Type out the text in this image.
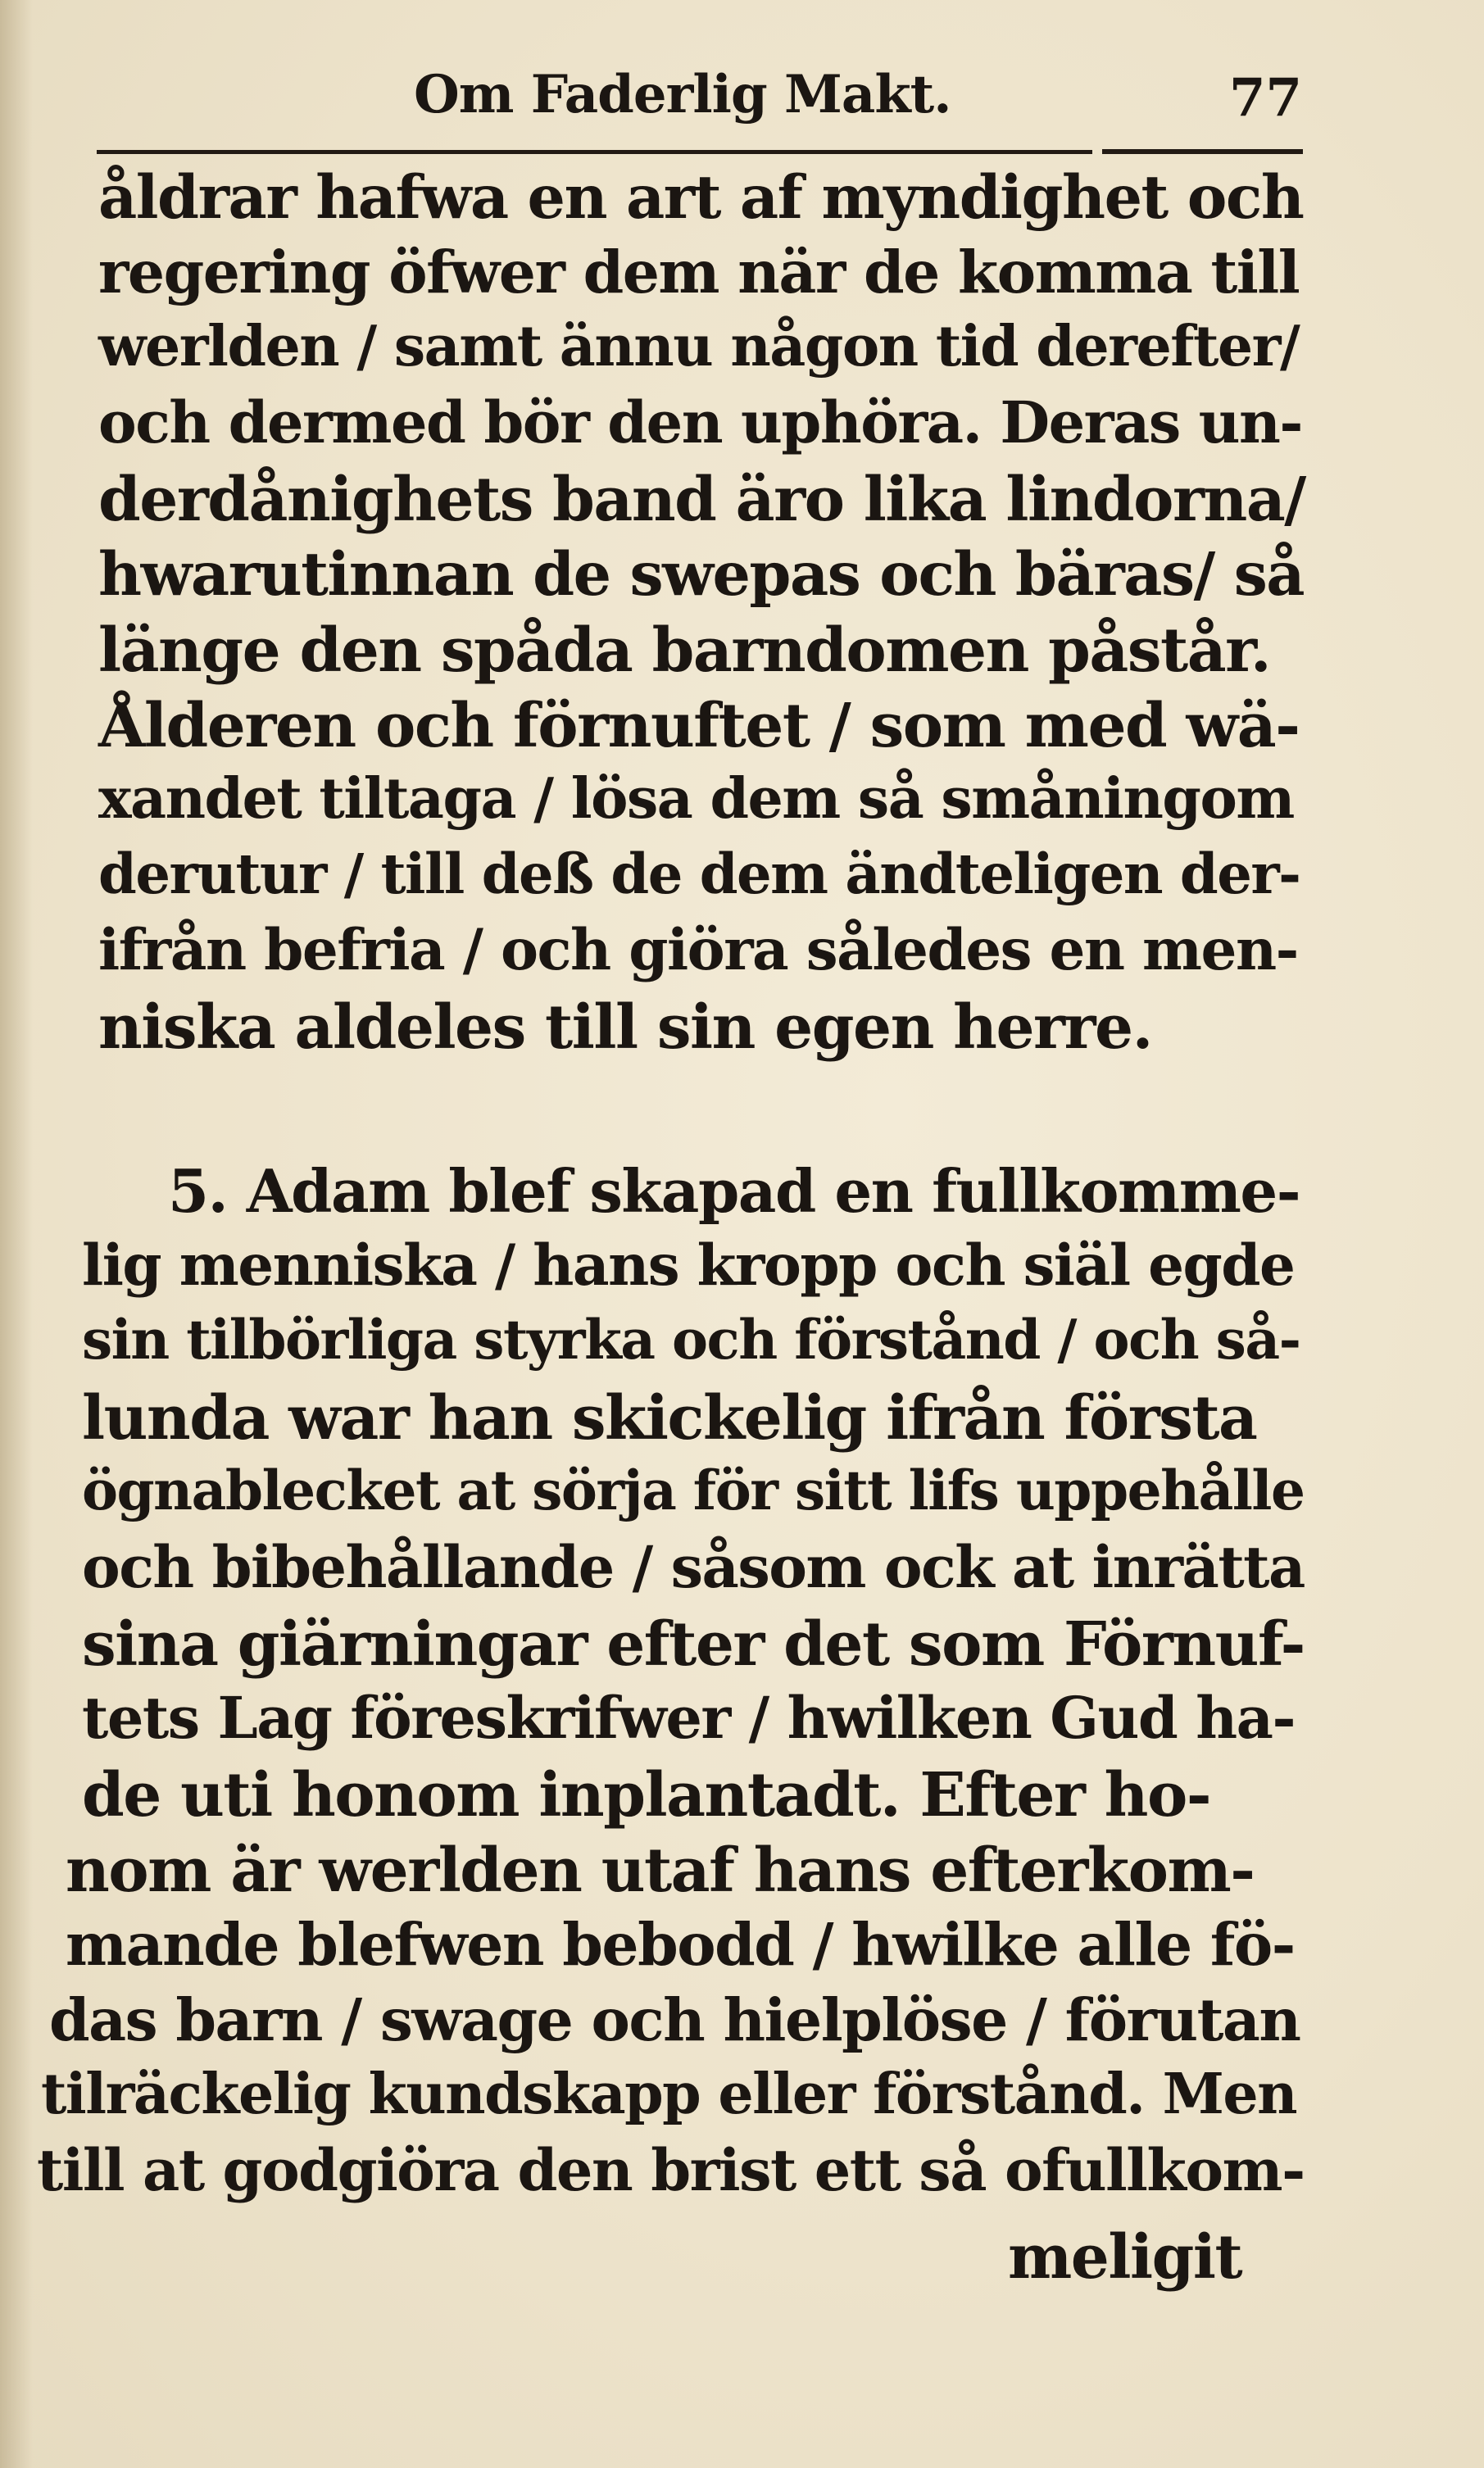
Om Faderlig Makt.	77
åldrar hafwa en art af myndighet och
regering öfwer dem när de komma till
werlden / samt ännu någon tid derefter/
och dermed bör den uphöra. Deras un-
derdånighets band äro lika lindorna/
hwarutinnan de swepas och bäras/ så
länge den spåda barndomen påstår.
Ålderen och förnuftet / som med wä-
xandet tiltaga / lösa dem så småningom
derutur / till deß de dem ändteligen der-
ifrån befria / och giöra således en men-
niska aldeles till sin egen herre.
5. Adam blef skapad en fullkomme-
lig menniska / hans kropp och siäl egde
sin tilbörliga styrka och förstånd / och så-
lunda war han skickelig ifrån första
ögnablecket at sörja för sitt lifs uppehålle
och bibehållande / såsom ock at inrätta
sina giärningar efter det som Förnuf-
tets Lag föreskrifwer / hwilken Gud ha-
de uti honom inplantadt. Efter ho-
nom är werlden utaf hans efterkom-
mande blefwen bebodd / hwilke alle fö-
das barn / swage och hielplöse / förutan
tilräckelig kundskapp eller förstånd. Men
till at godgiöra den brist ett så ofullkom-
meligit
